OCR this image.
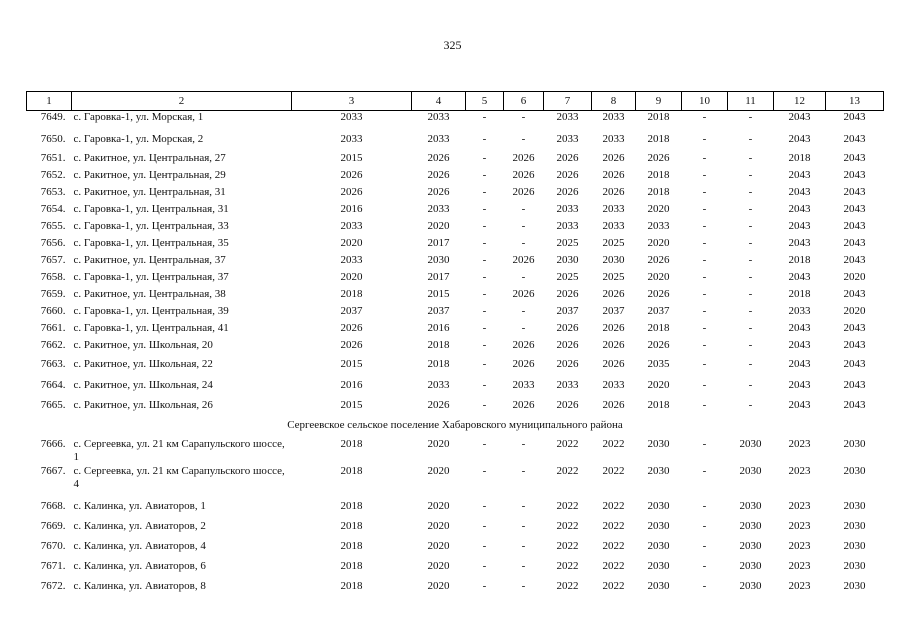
325
1	2	3	4	5	6	7	8	9	10	11	12	13
7649.	с. Гаровка-1, ул. Морская, 1	2033	2033	-	-	2033	2033	2018	-	-	2043	2043
7650.	с. Гаровка-1, ул. Морская, 2	2033	2033	-	-	2033	2033	2018	-	-	2043	2043
7651.	с. Ракитное, ул. Центральная, 27	2015	2026	-	2026	2026	2026	2026	-	-	2018	2043
7652.	с. Ракитное, ул. Центральная, 29	2026	2026	-	2026	2026	2026	2018	-	-	2043	2043
7653.	с. Ракитное, ул. Центральная, 31	2026	2026	-	2026	2026	2026	2018	-	-	2043	2043
7654.	с. Гаровка-1, ул. Центральная, 31	2016	2033	-	-	2033	2033	2020	-	-	2043	2043
7655.	с. Гаровка-1, ул. Центральная, 33	2033	2020	-	-	2033	2033	2033	-	-	2043	2043
7656.	с. Гаровка-1, ул. Центральная, 35	2020	2017	-	-	2025	2025	2020	-	-	2043	2043
7657.	с. Ракитное, ул. Центральная, 37	2033	2030	-	2026	2030	2030	2026	-	-	2018	2043
7658.	с. Гаровка-1, ул. Центральная, 37	2020	2017	-	-	2025	2025	2020	-	-	2043	2020
7659.	с. Ракитное, ул. Центральная, 38	2018	2015	-	2026	2026	2026	2026	-	-	2018	2043
7660.	с. Гаровка-1, ул. Центральная, 39	2037	2037	-	-	2037	2037	2037	-	-	2033	2020
7661.	с. Гаровка-1, ул. Центральная, 41	2026	2016	-	-	2026	2026	2018	-	-	2043	2043
7662.	с. Ракитное, ул. Школьная, 20	2026	2018	-	2026	2026	2026	2026	-	-	2043	2043
7663.	с. Ракитное, ул. Школьная, 22	2015	2018	-	2026	2026	2026	2035	-	-	2043	2043
7664.	с. Ракитное, ул. Школьная, 24	2016	2033	-	2033	2033	2033	2020	-	-	2043	2043
7665.	с. Ракитное, ул. Школьная, 26	2015	2026	-	2026	2026	2026	2018	-	-	2043	2043
Сергеевское сельское поселение Хабаровского муниципального района												
7666.	с. Сергеевка, ул. 21 км Сарапульского шоссе, 1	2018	2020	-	-	2022	2022	2030	-	2030	2023	2030
7667.	с. Сергеевка, ул. 21 км Сарапульского шоссе, 4	2018	2020	-	-	2022	2022	2030	-	2030	2023	2030
7668.	с. Калинка, ул. Авиаторов, 1	2018	2020	-	-	2022	2022	2030	-	2030	2023	2030
7669.	с. Калинка, ул. Авиаторов, 2	2018	2020	-	-	2022	2022	2030	-	2030	2023	2030
7670.	с. Калинка, ул. Авиаторов, 4	2018	2020	-	-	2022	2022	2030	-	2030	2023	2030
7671.	с. Калинка, ул. Авиаторов, 6	2018	2020	-	-	2022	2022	2030	-	2030	2023	2030
7672.	с. Калинка, ул. Авиаторов, 8	2018	2020	-	-	2022	2022	2030	-	2030	2023	2030
